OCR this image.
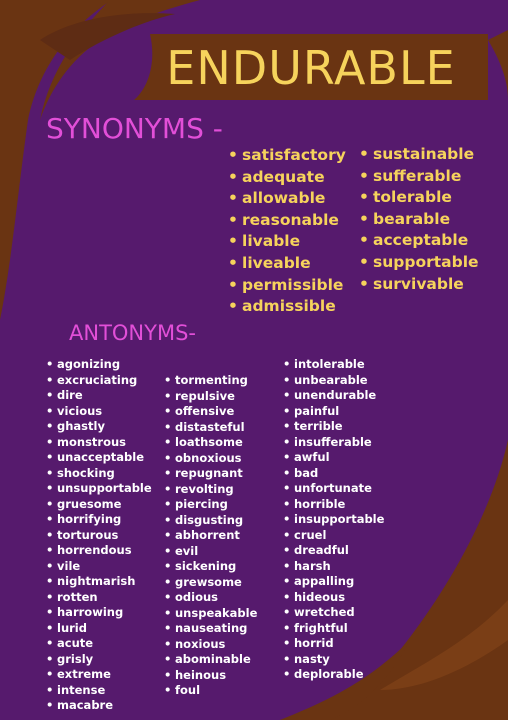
ENDURABLE
SYNONYMS -
• satisfactory
• adequate
• allowable
• reasonable
• livable
• liveable
• permissible
• admissible
• sustainable
• sufferable
• tolerable
• bearable
• acceptable
• supportable
• survivable
ANTONYMS-
• agonizing
• excruciating
• dire
• vicious
• ghastly
• monstrous
• unacceptable
• shocking
• unsupportable
• gruesome
• horrifying
• torturous
• horrendous
• vile
• nightmarish
• rotten
• harrowing
• lurid
• acute
• grisly
• extreme
• intense
• macabre
• tormenting
• repulsive
• offensive
• distasteful
• loathsome
• obnoxious
• repugnant
• revolting
• piercing
• disgusting
• abhorrent
• evil
• sickening
• grewsome
• odious
• unspeakable
• nauseating
• noxious
• abominable
• heinous
• foul
• intolerable
• unbearable
• unendurable
• painful
• terrible
• insufferable
• awful
• bad
• unfortunate
• horrible
• insupportable
• cruel
• dreadful
• harsh
• appalling
• hideous
• wretched
• frightful
• horrid
• nasty
• deplorable
